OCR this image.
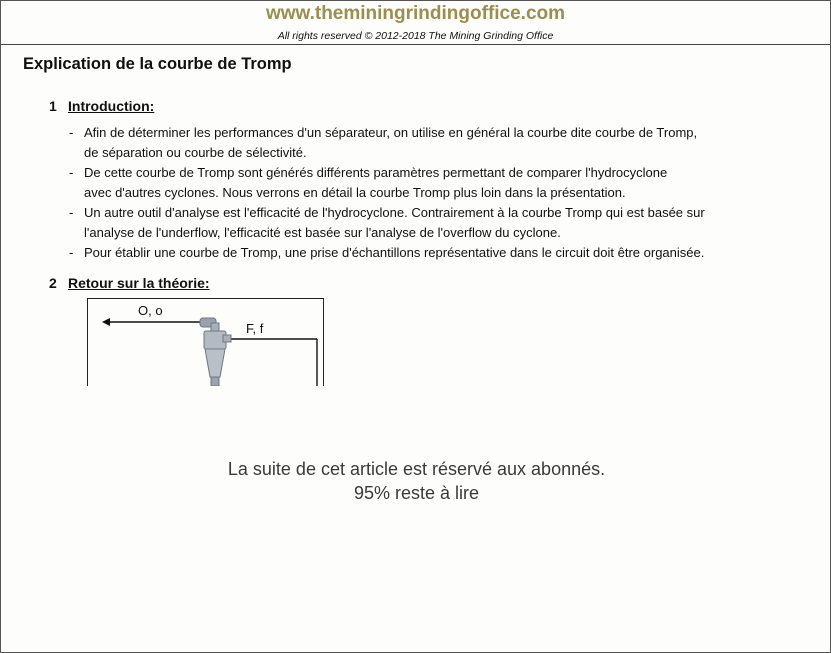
www.theminingrindingoffice.com
All rights reserved © 2012-2018 The Mining Grinding Office
Explication de la courbe de Tromp
1 Introduction:
- Afin de déterminer les performances d'un séparateur, on utilise en général la courbe dite courbe de Tromp,
de séparation ou courbe de sélectivité.
- De cette courbe de Tromp sont générés différents paramètres permettant de comparer l'hydrocyclone
avec d'autres cyclones. Nous verrons en détail la courbe Tromp plus loin dans la présentation.
- Un autre outil d'analyse est l'efficacité de l'hydrocyclone. Contrairement à la courbe Tromp qui est basée sur
l'analyse de l'underflow, l'efficacité est basée sur l'analyse de l'overflow du cyclone.
- Pour établir une courbe de Tromp, une prise d'échantillons représentative dans le circuit doit être organisée.
2 Retour sur la théorie:
O, o
F, f
La suite de cet article est réservé aux abonnés.
95% reste à lire
